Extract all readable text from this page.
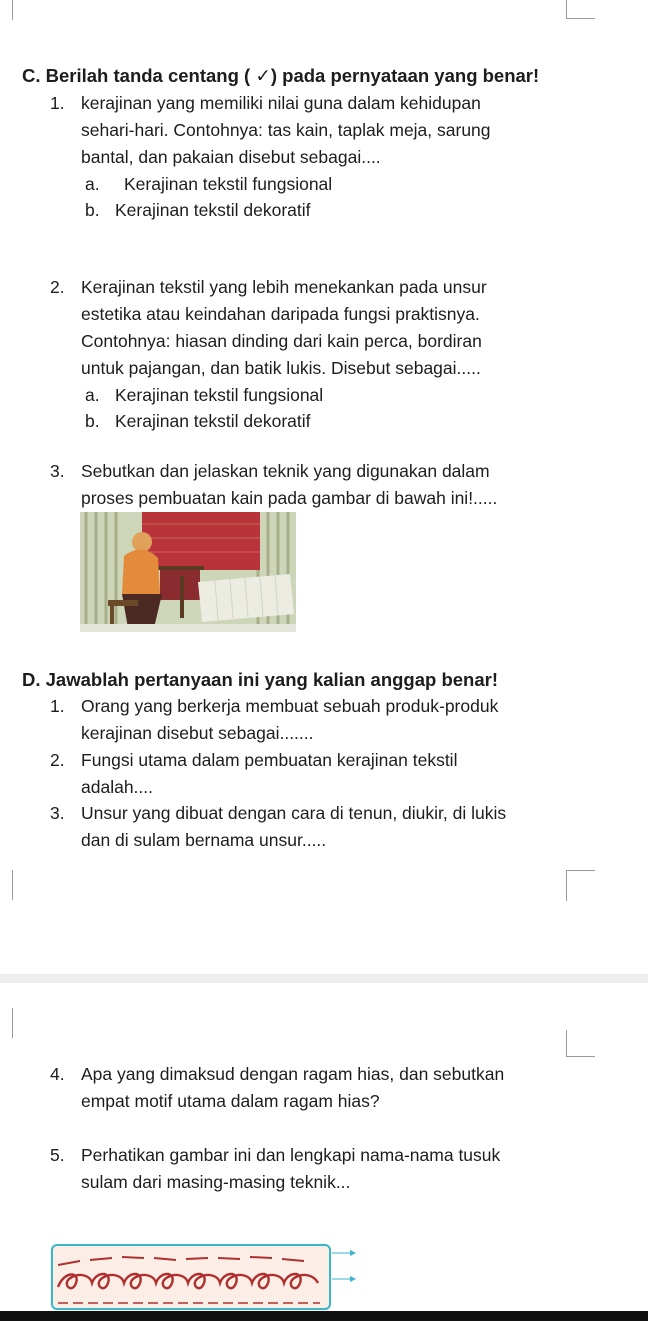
C. Berilah tanda centang ( ✓) pada pernyataan yang benar!
1. kerajinan yang memiliki nilai guna dalam kehidupan
sehari-hari. Contohnya: tas kain, taplak meja, sarung
bantal, dan pakaian disebut sebagai....
a. Kerajinan tekstil fungsional
b. Kerajinan tekstil dekoratif
2. Kerajinan tekstil yang lebih menekankan pada unsur
estetika atau keindahan daripada fungsi praktisnya.
Contohnya: hiasan dinding dari kain perca, bordiran
untuk pajangan, dan batik lukis. Disebut sebagai.....
a. Kerajinan tekstil fungsional
b. Kerajinan tekstil dekoratif
3. Sebutkan dan jelaskan teknik yang digunakan dalam
proses pembuatan kain pada gambar di bawah ini!.....
D. Jawablah pertanyaan ini yang kalian anggap benar!
1. Orang yang berkerja membuat sebuah produk-produk
kerajinan disebut sebagai.......
2. Fungsi utama dalam pembuatan kerajinan tekstil
adalah....
3. Unsur yang dibuat dengan cara di tenun, diukir, di lukis
dan di sulam bernama unsur.....
4. Apa yang dimaksud dengan ragam hias, dan sebutkan
empat motif utama dalam ragam hias?
5. Perhatikan gambar ini dan lengkapi nama-nama tusuk
sulam dari masing-masing teknik...
